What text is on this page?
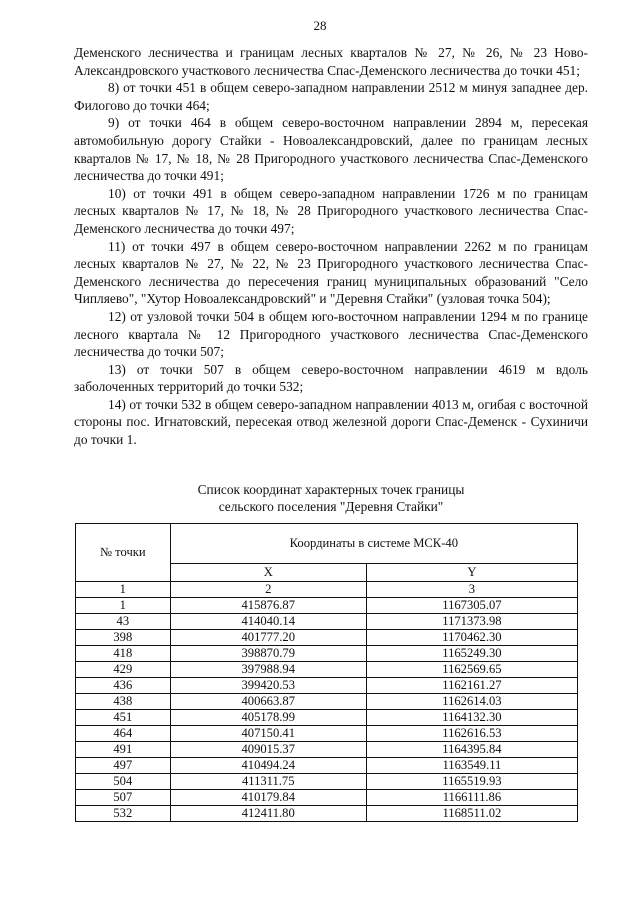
28

Деменского лесничества и границам лесных кварталов № 27, № 26, № 23 Ново-Александровского участкового лесничества Спас-Деменского лесничества до точки 451;

8) от точки 451 в общем северо-западном направлении 2512 м минуя западнее дер. Филогово до точки 464;

9) от точки 464 в общем северо-восточном направлении 2894 м, пересекая автомобильную дорогу Стайки - Новоалександровский, далее по границам лесных кварталов № 17, № 18, № 28 Пригородного участкового лесничества Спас-Деменского лесничества до точки 491;

10) от точки 491 в общем северо-западном направлении 1726 м по границам лесных кварталов № 17, № 18, № 28 Пригородного участкового лесничества Спас-Деменского лесничества до точки 497;

11) от точки 497 в общем северо-восточном направлении 2262 м по границам лесных кварталов № 27, № 22, № 23 Пригородного участкового лесничества Спас-Деменского лесничества до пересечения границ муниципальных образований "Село Чипляево", "Хутор Новоалександровский" и "Деревня Стайки" (узловая точка 504);

12) от узловой точки 504 в общем юго-восточном направлении 1294 м по границе лесного квартала № 12 Пригородного участкового лесничества Спас-Деменского лесничества до точки 507;

13) от точки 507 в общем северо-восточном направлении 4619 м вдоль заболоченных территорий до точки 532;

14) от точки 532 в общем северо-западном направлении 4013 м, огибая с восточной стороны пос. Игнатовский, пересекая отвод железной дороги Спас-Деменск - Сухиничи до точки 1.

Список координат характерных точек границы
сельского поселения "Деревня Стайки"
№ точки	Координаты в системе МСК-40	
	X	Y
1	2	3
1	415876.87	1167305.07
43	414040.14	1171373.98
398	401777.20	1170462.30
418	398870.79	1165249.30
429	397988.94	1162569.65
436	399420.53	1162161.27
438	400663.87	1162614.03
451	405178.99	1164132.30
464	407150.41	1162616.53
491	409015.37	1164395.84
497	410494.24	1163549.11
504	411311.75	1165519.93
507	410179.84	1166111.86
532	412411.80	1168511.02
